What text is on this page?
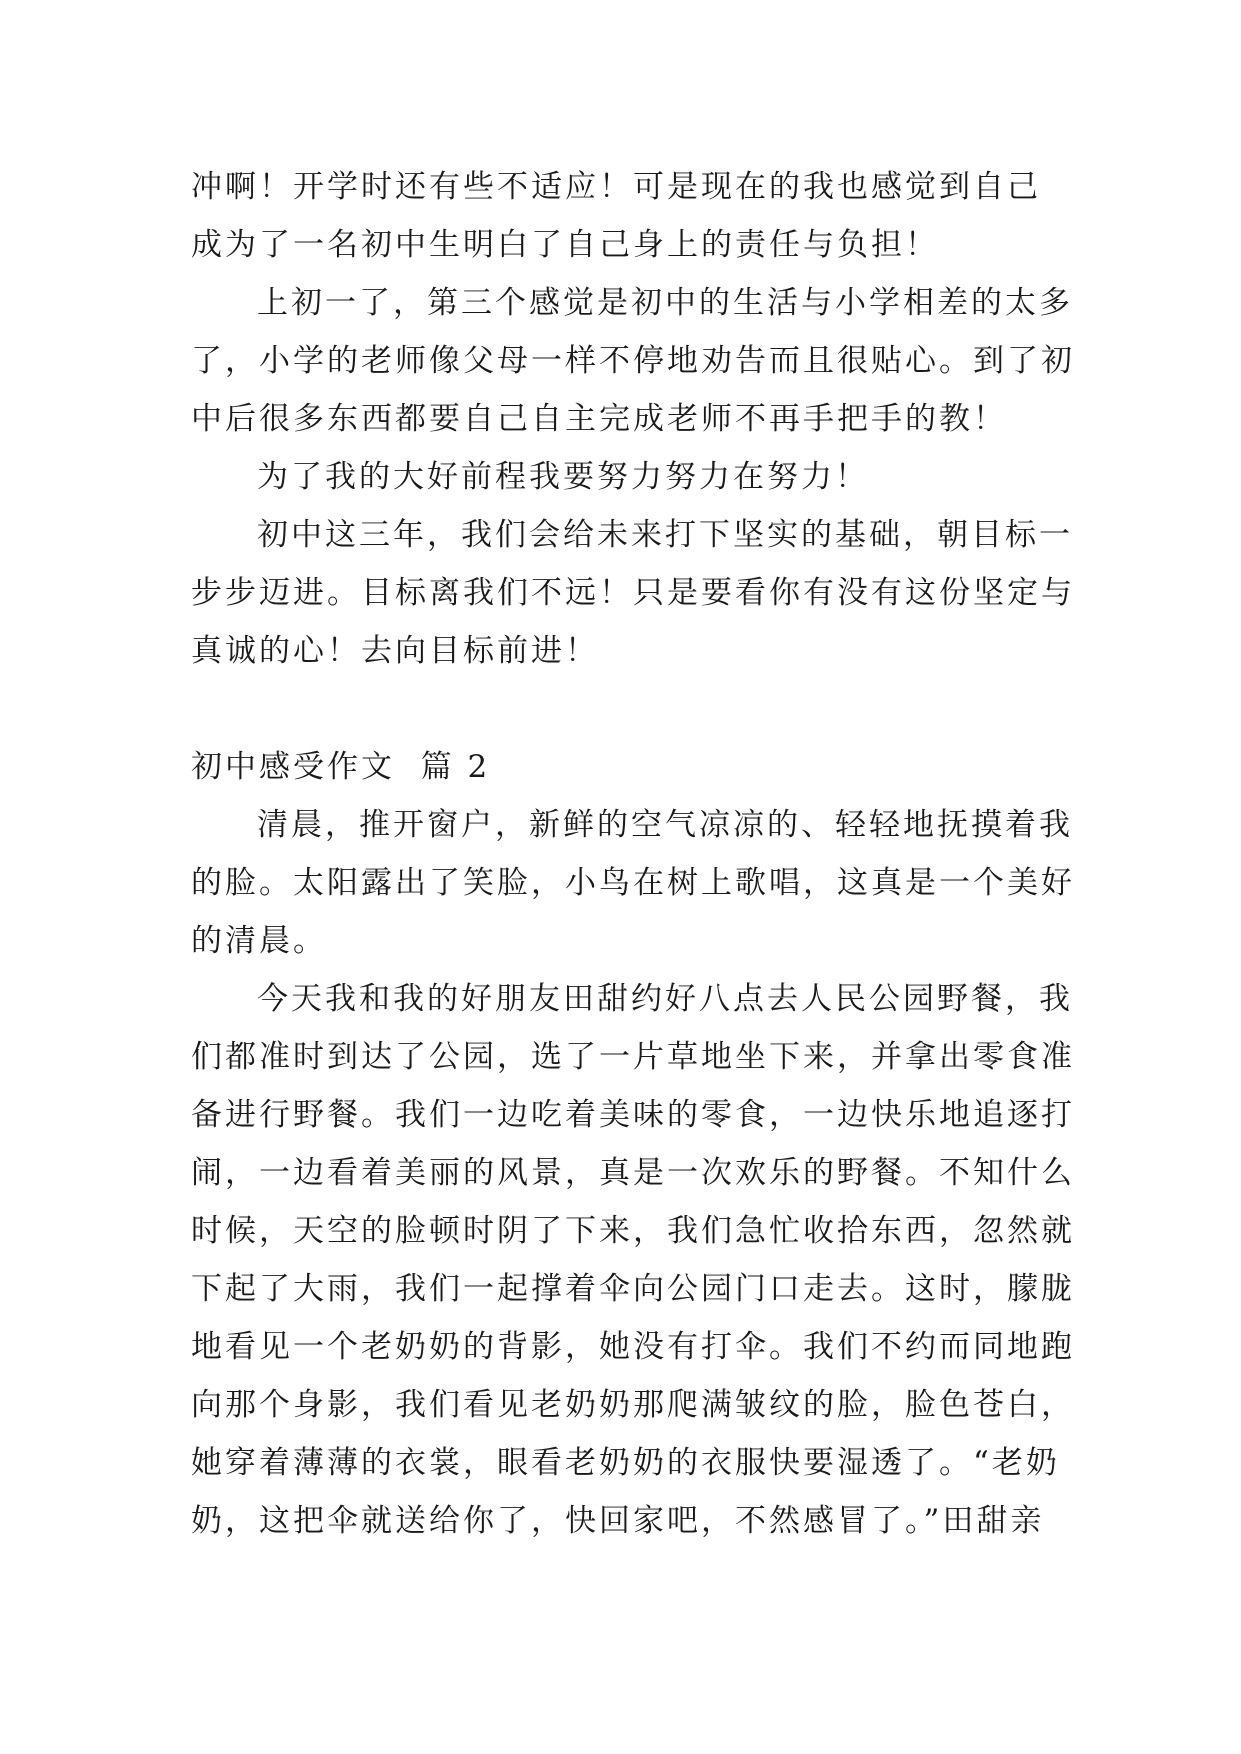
冲啊！开学时还有些不适应！可是现在的我也感觉到自己
成为了一名初中生明白了自己身上的责任与负担！
上初一了，第三个感觉是初中的生活与小学相差的太多
了，小学的老师像父母一样不停地劝告而且很贴心。到了初
中后很多东西都要自己自主完成老师不再手把手的教！
为了我的大好前程我要努力努力在努力！
初中这三年，我们会给未来打下坚实的基础，朝目标一
步步迈进。目标离我们不远！只是要看你有没有这份坚定与
真诚的心！去向目标前进！
初中感受作文  篇 2
清晨，推开窗户，新鲜的空气凉凉的、轻轻地抚摸着我
的脸。太阳露出了笑脸，小鸟在树上歌唱，这真是一个美好
的清晨。
今天我和我的好朋友田甜约好八点去人民公园野餐，我
们都准时到达了公园，选了一片草地坐下来，并拿出零食准
备进行野餐。我们一边吃着美味的零食，一边快乐地追逐打
闹，一边看着美丽的风景，真是一次欢乐的野餐。不知什么
时候，天空的脸顿时阴了下来，我们急忙收拾东西，忽然就
下起了大雨，我们一起撑着伞向公园门口走去。这时，朦胧
地看见一个老奶奶的背影，她没有打伞。我们不约而同地跑
向那个身影，我们看见老奶奶那爬满皱纹的脸，脸色苍白，
她穿着薄薄的衣裳，眼看老奶奶的衣服快要湿透了。“老奶
奶，这把伞就送给你了，快回家吧，不然感冒了。”田甜亲
